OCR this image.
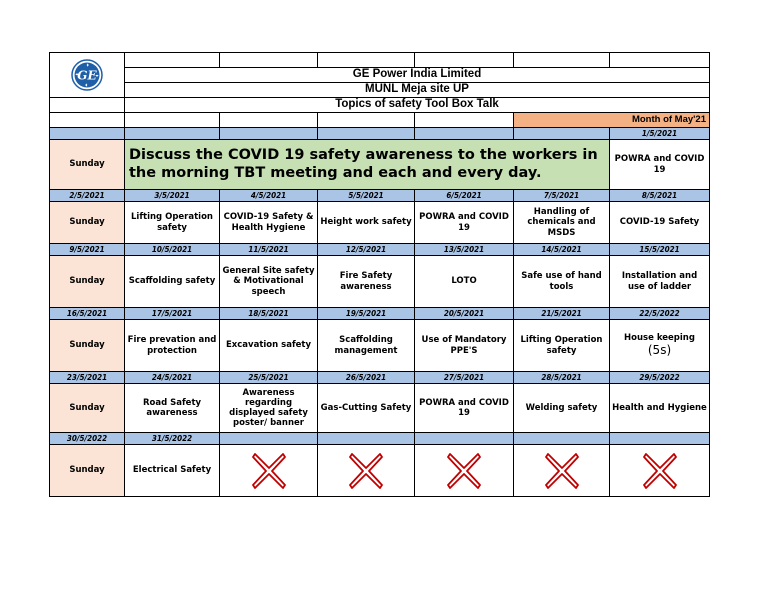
GE						

	GE Power India Limited					
	MUNL Meja site UP					
	Topics of safety Tool Box Talk					
					Month of May'21	
						1/5/2021
Sunday	Discuss the COVID 19 safety awareness to the workers in the morning TBT meeting and each and every day.					POWRA and COVID 19
2/5/2021	3/5/2021	4/5/2021	5/5/2021	6/5/2021	7/5/2021	8/5/2021
Sunday	Lifting Operation safety	COVID-19 Safety & Health Hygiene	Height work safety	POWRA and COVID 19	Handling of chemicals and MSDS	COVID-19 Safety
9/5/2021	10/5/2021	11/5/2021	12/5/2021	13/5/2021	14/5/2021	15/5/2021
Sunday	Scaffolding safety	General Site safety & Motivational speech	Fire Safety awareness	LOTO	Safe use of hand tools	Installation and use of ladder
16/5/2021	17/5/2021	18/5/2021	19/5/2021	20/5/2021	21/5/2021	22/5/2022
Sunday	Fire prevation and protection	Excavation safety	Scaffolding management	Use of Mandatory PPE'S	Lifting Operation safety	House keeping (5s)
23/5/2021	24/5/2021	25/5/2021	26/5/2021	27/5/2021	28/5/2021	29/5/2022
Sunday	Road Safety awareness	Awareness regarding displayed safety poster/ banner	Gas-Cutting Safety	POWRA and COVID 19	Welding safety	Health and Hygiene
30/5/2022	31/5/2022					
Sunday	Electrical Safety	
